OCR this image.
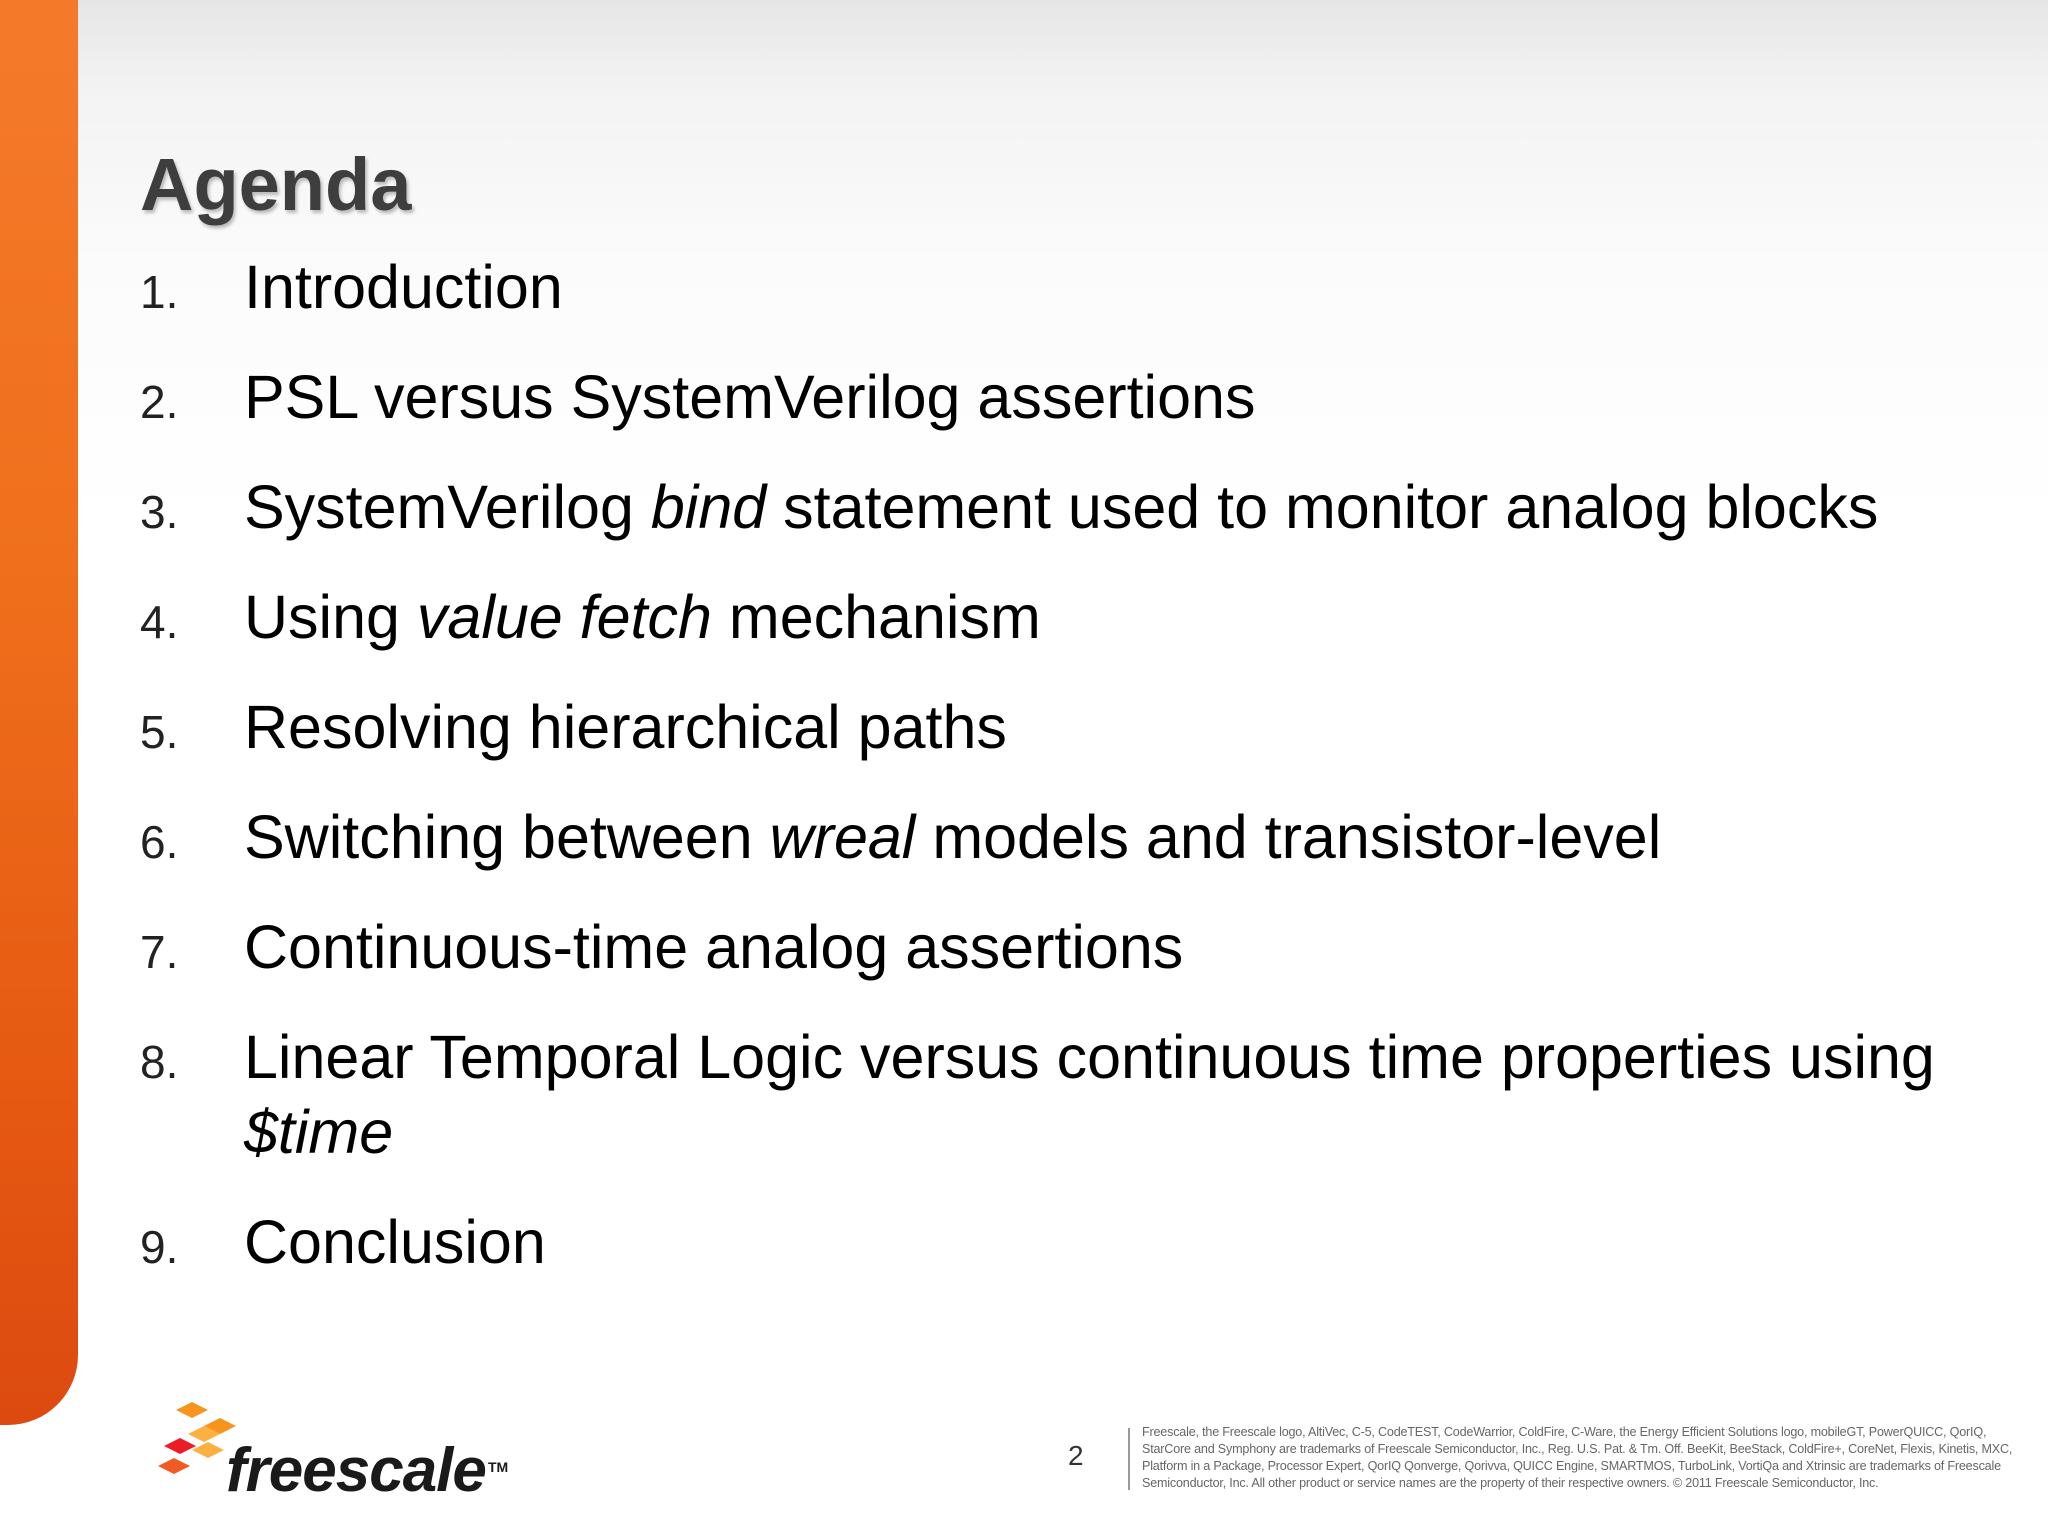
Agenda
1.	Introduction
2.	PSL versus SystemVerilog assertions
3.	SystemVerilog bind statement used to monitor analog blocks
4.	Using value fetch mechanism
5.	Resolving hierarchical paths
6.	Switching between wreal models and transistor-level
7.	Continuous-time analog assertions
8.	Linear Temporal Logic versus continuous time properties using $time
9.	Conclusion
freescale TM	2
Freescale, the Freescale logo, AltiVec, C-5, CodeTEST, CodeWarrior, ColdFire, C-Ware, the Energy Efficient Solutions logo, mobileGT, PowerQUICC, QorIQ, StarCore and Symphony are trademarks of Freescale Semiconductor, Inc., Reg. U.S. Pat. & Tm. Off. BeeKit, BeeStack, ColdFire+, CoreNet, Flexis, Kinetis, MXC, Platform in a Package, Processor Expert, QorIQ Qonverge, Qorivva, QUICC Engine, SMARTMOS, TurboLink, VortiQa and Xtrinsic are trademarks of Freescale Semiconductor, Inc. All other product or service names are the property of their respective owners. © 2011 Freescale Semiconductor, Inc.
